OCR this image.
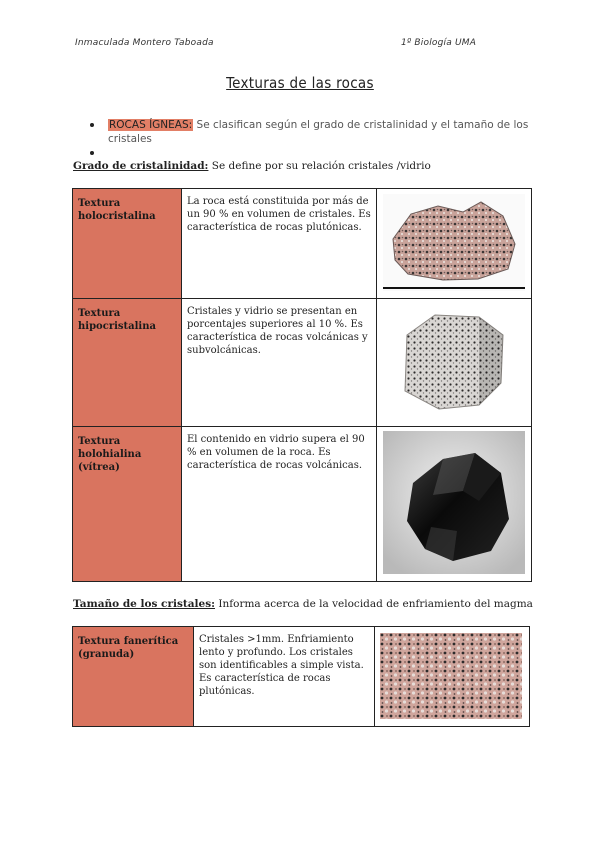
Inmaculada Montero Taboada	1º Biología UMA
Texturas de las rocas
ROCAS ÍGNEAS: Se clasifican según el grado de cristalinidad y el tamaño de los cristales
Grado de cristalinidad: Se define por su relación cristales /vidrio
Textura holocristalina	La roca está constituida por más de un 90 % en volumen de cristales. Es característica de rocas plutónicas.	

Textura hipocristalina	Cristales y vidrio se presentan en porcentajes superiores al 10 %. Es característica de rocas volcánicas y subvolcánicas.	

Textura holohialina (vítrea)	El contenido en vidrio supera el 90 % en volumen de la roca. Es característica de rocas volcánicas.	
Tamaño de los cristales: Informa acerca de la velocidad de enfriamiento del magma
Textura fanerítica (granuda)	Cristales >1mm. Enfriamiento lento y profundo. Los cristales son identificables a simple vista. Es característica de rocas plutónicas.	
